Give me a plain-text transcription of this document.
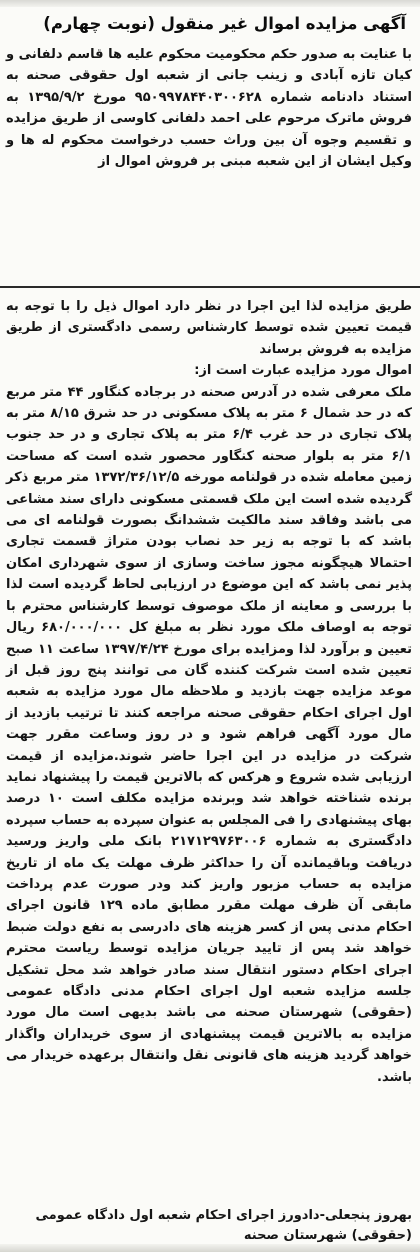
آگهی مزایده اموال غیر منقول (نوبت چهارم)
با عنایت به صدور حکم محکومیت محکوم علیه ها قاسم دلفانی و کیان تازه آبادی و زینب جانی از شعبه اول حقوقی صحنه به استناد دادنامه شماره ۹۵۰۹۹۷۸۴۴۰۳۰۰۶۲۸ مورخ ۱۳۹۵/۹/۲ به فروش ماترک مرحوم علی احمد دلفانی کاوسی از طریق مزایده و تقسیم وجوه آن بین وراث حسب درخواست محکوم له ها و وکیل ایشان از این شعبه مبنی بر فروش اموال از

طریق مزایده لذا این اجرا در نظر دارد اموال ذیل را با توجه به قیمت تعیین شده توسط کارشناس رسمی دادگستری از طریق مزایده به فروش برساند

اموال مورد مزایده عبارت است از:

ملک معرفی شده در آدرس صحنه در برجاده کنگاور ۴۴ متر مربع که در حد شمال ۶ متر به پلاک مسکونی در حد شرق ۸/۱۵ متر به پلاک تجاری در حد غرب ۶/۴ متر به پلاک تجاری و در حد جنوب ۶/۱ متر به بلوار صحنه کنگاور محصور شده است که مساحت زمین معامله شده در قولنامه مورخه ۱۳۷۲/۳۶/۱۲/۵ متر مربع ذکر گردیده شده است این ملک قسمتی مسکونی دارای سند مشاعی می باشد وفاقد سند مالکیت ششدانگ بصورت قولنامه ای می باشد که با توجه به زیر حد نصاب بودن متراژ قسمت تجاری احتمالا هیچگونه مجوز ساخت وسازی از سوی شهرداری امکان پذیر نمی باشد که این موضوع در ارزیابی لحاظ گردیده است لذا با بررسی و معاینه از ملک موصوف توسط کارشناس محترم با توجه به اوصاف ملک مورد نظر به مبلغ کل ۶۸۰/۰۰۰/۰۰۰ ریال تعیین و برآورد لذا ومزایده برای مورخ ۱۳۹۷/۴/۲۴ ساعت ۱۱ صبح تعیین شده است شرکت کننده گان می توانند پنج روز قبل از موعد مزایده جهت بازدید و ملاحظه مال مورد مزایده به شعبه اول اجرای احکام حقوقی صحنه مراجعه کنند تا ترتیب بازدید از مال مورد آگهی فراهم شود و در روز وساعت مقرر جهت شرکت در مزایده در این اجرا حاضر شوند.مزایده از قیمت ارزیابی شده شروع و هرکس که بالاترین قیمت را پیشنهاد نماید برنده شناخته خواهد شد وبرنده مزایده مکلف است ۱۰ درصد بهای پیشنهادی را فی المجلس به عنوان سپرده به حساب سپرده دادگستری به شماره ۲۱۷۱۲۹۷۶۳۰۰۶ بانک ملی واریز ورسید دریافت وباقیمانده آن را حداکثر ظرف مهلت یک ماه از تاریخ مزایده به حساب مزبور واریز کند ودر صورت عدم پرداخت مابقی آن ظرف مهلت مقرر مطابق ماده ۱۲۹ قانون اجرای احکام مدنی پس از کسر هزینه های دادرسی به نفع دولت ضبط خواهد شد پس از تایید جریان مزایده توسط ریاست محترم اجرای احکام دستور انتقال سند صادر خواهد شد محل تشکیل جلسه مزایده شعبه اول اجرای احکام مدنی دادگاه عمومی (حقوقی) شهرستان صحنه می باشد بدیهی است مال مورد مزایده به بالاترین قیمت پیشنهادی از سوی خریداران واگذار خواهد گردید هزینه های قانونی نقل وانتقال برعهده خریدار می باشد.

بهروز پنجعلی-دادورز اجرای احکام شعبه اول دادگاه عمومی (حقوقی) شهرستان صحنه
